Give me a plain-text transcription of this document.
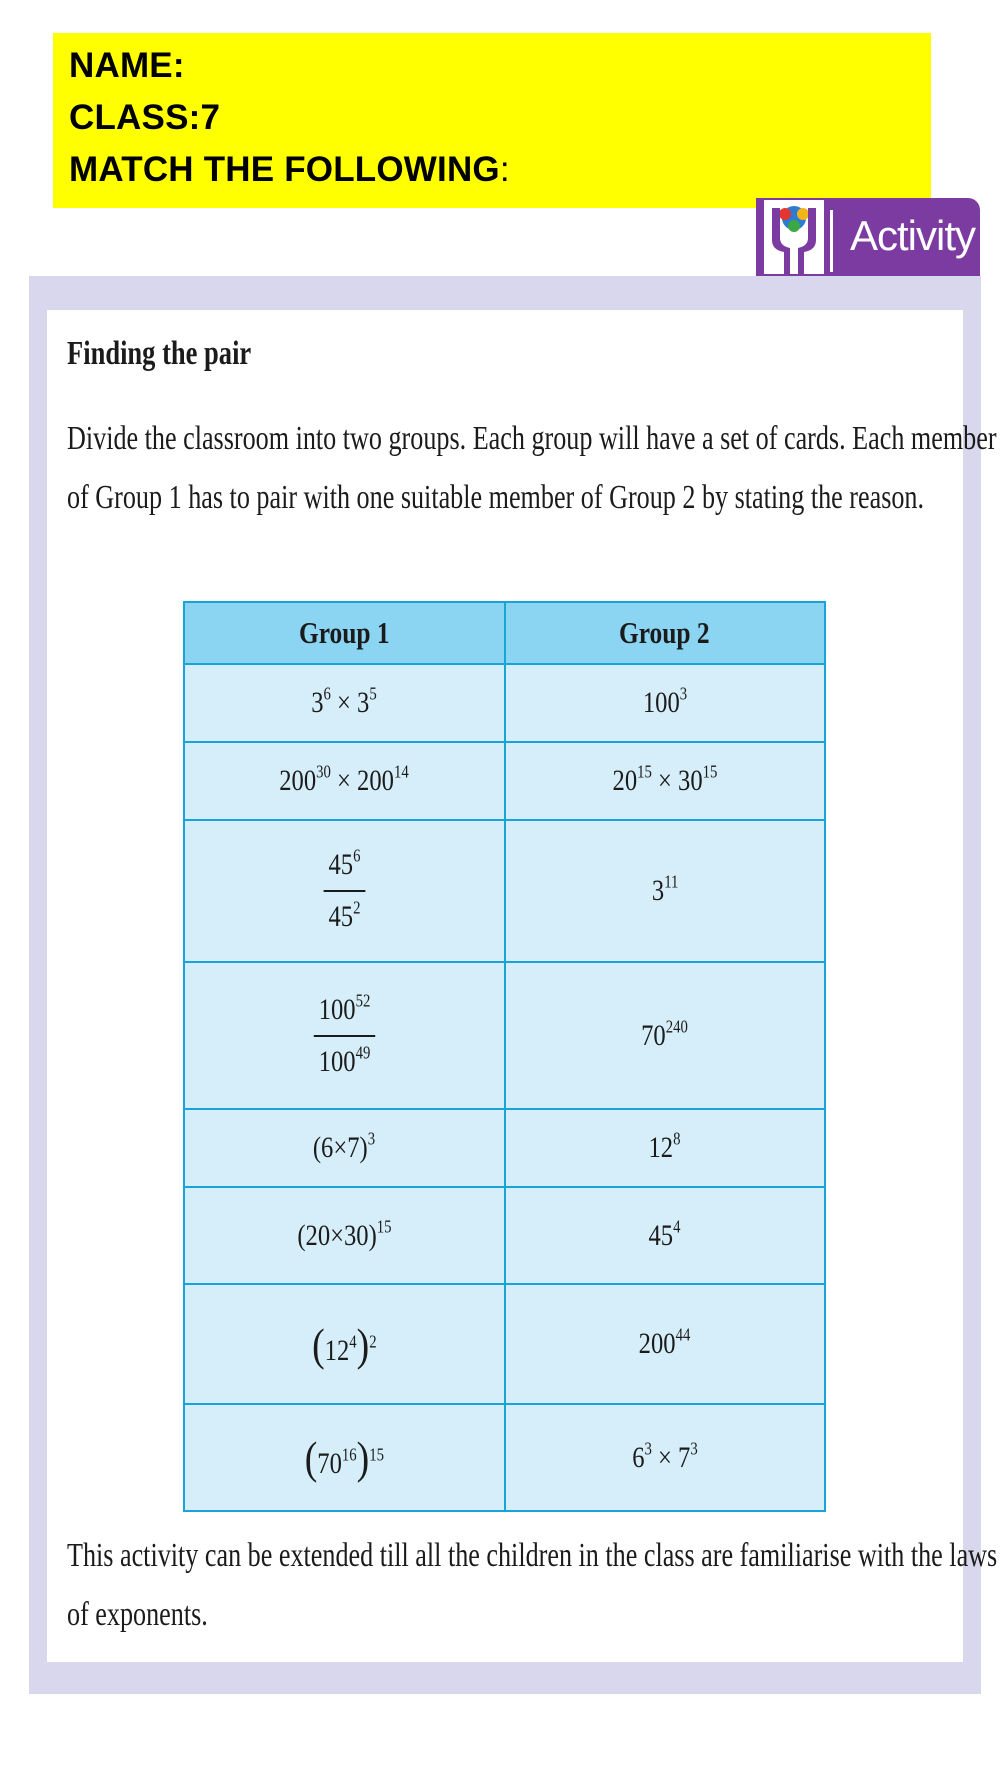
NAME:
CLASS:7
MATCH THE FOLLOWING:
Activity
Finding the pair
Divide the classroom into two groups. Each group will have a set of cards. Each member of Group 1 has to pair with one suitable member of Group 2 by stating the reason.
Group 1	Group 2
$3^6 \times 3^5$	$100^3$
$200^{30} \times 200^{14}$	$20^{15} \times 30^{15}$

$\frac{45^6}{45^2}$	$3^{11}$

$\frac{100^{52}}{100^{49}}$	$70^{240}$
$(6\times 7)^3$	$12^8$
$(20\times 30)^{15}$	$45^4$
$(12^4)^2$	$200^{44}$
$(70^{16})^{15}$	$6^3 \times 7^3$
This activity can be extended till all the children in the class are familiarise with the laws of exponents.
